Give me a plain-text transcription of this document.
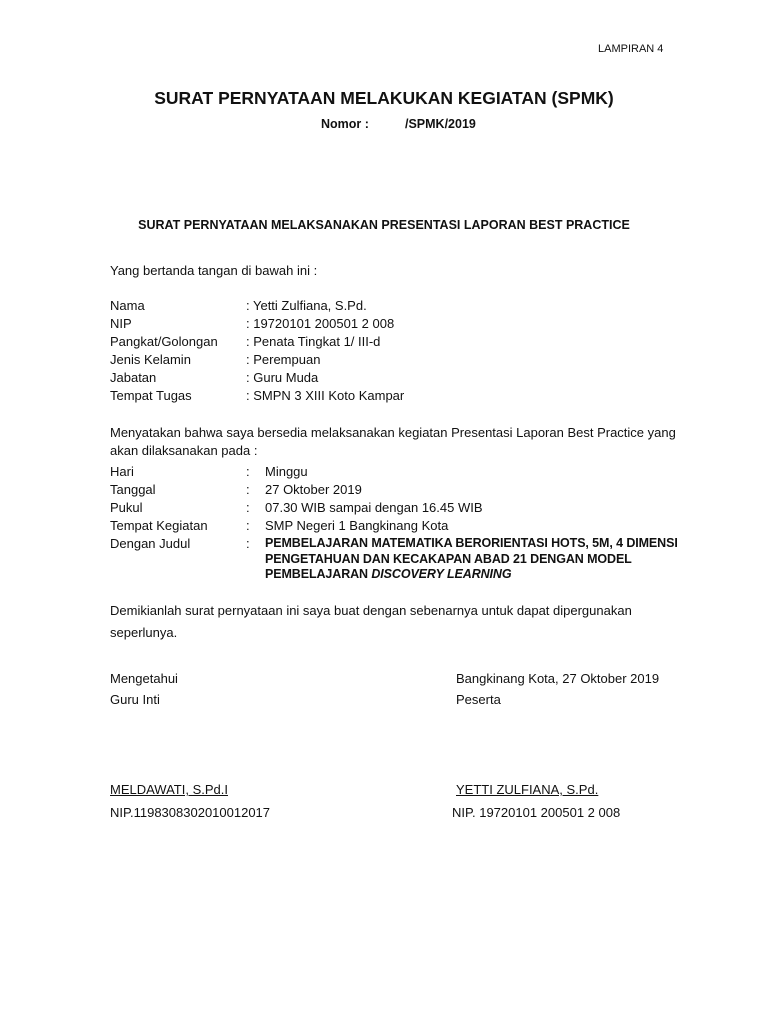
LAMPIRAN 4
SURAT PERNYATAAN MELAKUKAN KEGIATAN (SPMK)
Nomor :	/SPMK/2019
SURAT PERNYATAAN MELAKSANAKAN PRESENTASI LAPORAN BEST PRACTICE
Yang bertanda tangan di bawah ini :
Nama	: Yetti Zulfiana, S.Pd.
NIP	: 19720101 200501 2 008
Pangkat/Golongan : Penata Tingkat 1/ III-d
Jenis Kelamin	: Perempuan
Jabatan	: Guru Muda
Tempat Tugas	: SMPN 3 XIII Koto Kampar
Menyatakan bahwa saya bersedia melaksanakan kegiatan Presentasi Laporan Best Practice yang akan dilaksanakan pada :
Hari	: Minggu
Tanggal	: 27 Oktober 2019
Pukul	: 07.30 WIB sampai dengan 16.45 WIB
Tempat Kegiatan	: SMP Negeri 1 Bangkinang Kota
Dengan Judul	: PEMBELAJARAN MATEMATIKA BERORIENTASI HOTS, 5M, 4 DIMENSI PENGETAHUAN DAN KECAKAPAN ABAD 21 DENGAN MODEL PEMBELAJARAN DISCOVERY LEARNING
Demikianlah surat pernyataan ini saya buat dengan sebenarnya untuk dapat dipergunakan seperlunya.
Mengetahui
Guru Inti
MELDAWATI, S.Pd.I
NIP.1198308302010012017
Bangkinang Kota, 27 Oktober 2019
Peserta
YETTI ZULFIANA, S.Pd.
NIP. 19720101 200501 2 008
